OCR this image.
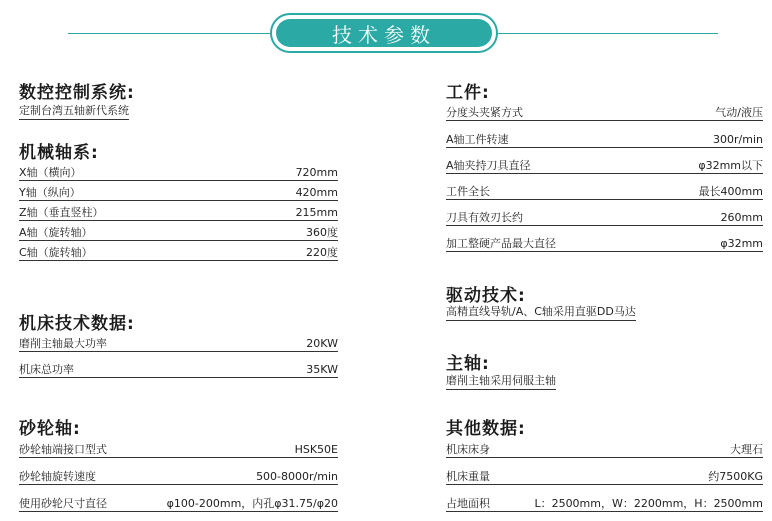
技术参数
数控控制系统:
定制台湾五轴新代系统
机械轴系:
X轴（横向）	720mm
Y轴（纵向）	420mm
Z轴（垂直竖柱）	215mm
A轴（旋转轴）	360度
C轴（旋转轴）	220度
机床技术数据:
磨削主轴最大功率	20KW
机床总功率	35KW
砂轮轴:
砂轮轴端接口型式	HSK50E
砂轮轴旋转速度	500-8000r/min
使用砂轮尺寸直径	φ100-200mm，内孔φ31.75/φ20
工件:
分度头夹紧方式	气动/液压
A轴工件转速	300r/min
A轴夹持刀具直径	φ32mm以下
工件全长	最长400mm
刀具有效刃长约	260mm
加工整硬产品最大直径	φ32mm
驱动技术:
高精直线导轨/A、C轴采用直驱DD马达
主轴:
磨削主轴采用伺服主轴
其他数据:
机床床身	大理石
机床重量	约7500KG
占地面积	L：2500mm，W：2200mm，H：2500mm
